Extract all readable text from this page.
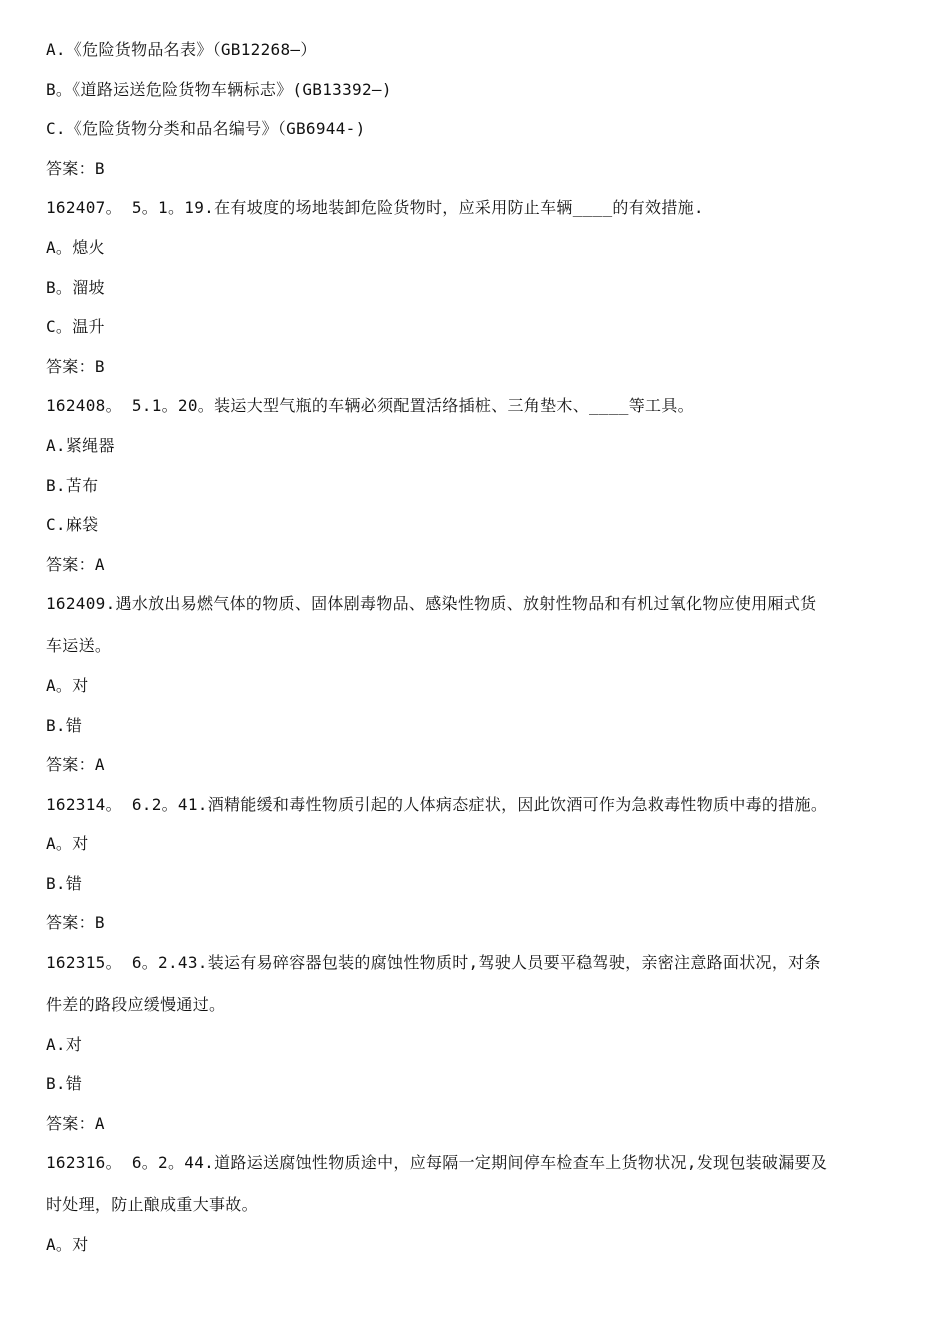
A.《危险货物品名表》（GB12268—）
B。《道路运送危险货物车辆标志》(GB13392—)
C.《危险货物分类和品名编号》（GB6944-)
答案：B
162407。 5。1。19.在有坡度的场地装卸危险货物时，应采用防止车辆____的有效措施.
A。熄火
B。溜坡
C。温升
答案：B
162408。 5.1。20。装运大型气瓶的车辆必须配置活络插桩、三角垫木、____等工具。
A.紧绳器
B.苫布
C.麻袋
答案：A
162409.遇水放出易燃气体的物质、固体剧毒物品、感染性物质、放射性物品和有机过氧化物应使用厢式货
车运送。
A。对
B.错
答案：A
162314。 6.2。41.酒精能缓和毒性物质引起的人体病态症状，因此饮酒可作为急救毒性物质中毒的措施。
A。对
B.错
答案：B
162315。 6。2.43.装运有易碎容器包装的腐蚀性物质时,驾驶人员要平稳驾驶，亲密注意路面状况，对条
件差的路段应缓慢通过。
A.对
B.错
答案：A
162316。 6。2。44.道路运送腐蚀性物质途中，应每隔一定期间停车检查车上货物状况,发现包装破漏要及
时处理，防止酿成重大事故。
A。对
